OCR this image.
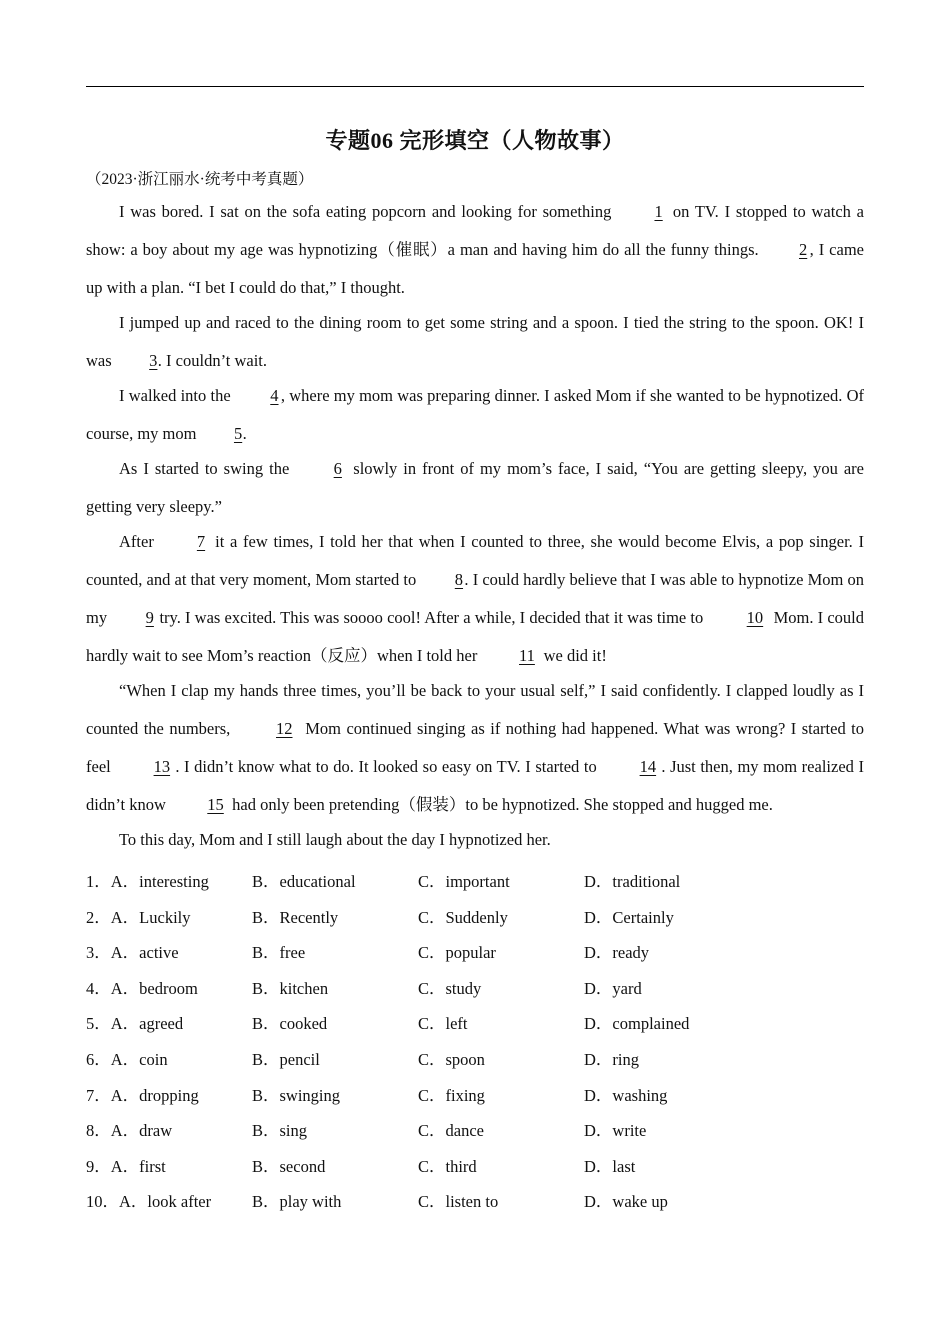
专题06 完形填空（人物故事）
（2023·浙江丽水·统考中考真题）

I was bored. I sat on the sofa eating popcorn and looking for something 1 on TV. I stopped to watch a show: a boy about my age was hypnotizing（催眠）a man and having him do all the funny things. 2 , I came up with a plan. “I bet I could do that,” I thought.

I jumped up and raced to the dining room to get some string and a spoon. I tied the string to the spoon. OK! I was 3. I couldn’t wait.

I walked into the 4 , where my mom was preparing dinner. I asked Mom if she wanted to be hypnotized. Of course, my mom 5.

As I started to swing the 6 slowly in front of my mom’s face, I said, “You are getting sleepy, you are getting very sleepy.”

After 7 it a few times, I told her that when I counted to three, she would become Elvis, a pop singer. I counted, and at that very moment, Mom started to 8. I could hardly believe that I was able to hypnotize Mom on my 9 try. I was excited. This was soooo cool! After a while, I decided that it was time to 10 Mom. I could hardly wait to see Mom’s reaction（反应）when I told her 11 we did it!

“When I clap my hands three times, you’ll be back to your usual self,” I said confidently. I clapped loudly as I counted the numbers, 12 Mom continued singing as if nothing had happened. What was wrong? I started to feel 13 . I didn’t know what to do. It looked so easy on TV. I started to 14 . Just then, my mom realized I didn’t know 15 had only been pretending（假装）to be hypnotized. She stopped and hugged me.

To this day, Mom and I still laugh about the day I hypnotized her.

1．A．interesting	B．educational	C．important	D．traditional
2．A．Luckily	B．Recently	C．Suddenly	D．Certainly
3．A．active	B．free	C．popular	D．ready
4．A．bedroom	B．kitchen	C．study	D．yard
5．A．agreed	B．cooked	C．left	D．complained
6．A．coin	B．pencil	C．spoon	D．ring
7．A．dropping	B．swinging	C．fixing	D．washing
8．A．draw	B．sing	C．dance	D．write
9．A．first	B．second	C．third	D．last
10．A．look after B．play with	C．listen to	D．wake up
